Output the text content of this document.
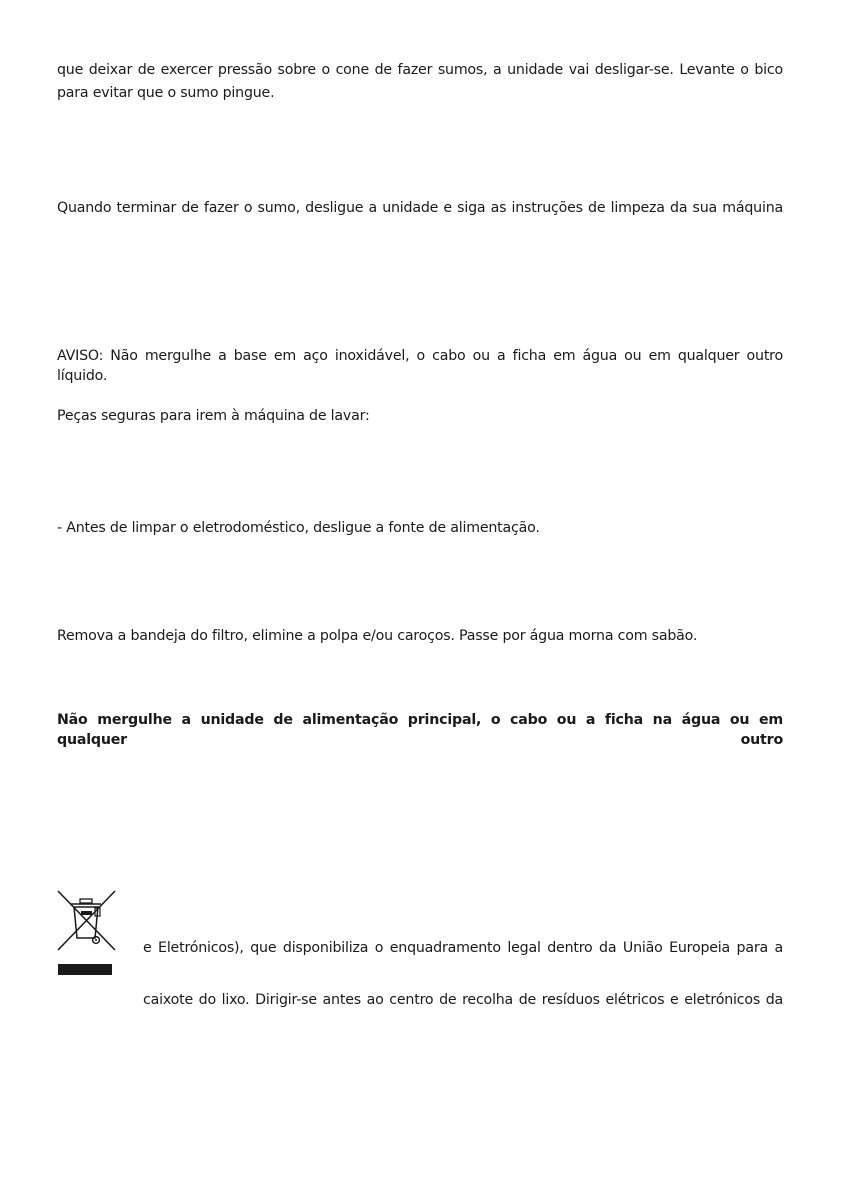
que deixar de exercer pressão sobre o cone de fazer sumos, a unidade vai desligar-se. Levante o bico
para evitar que o sumo pingue.
Quando terminar de fazer o sumo, desligue a unidade e siga as instruções de limpeza da sua máquina
AVISO: Não mergulhe a base em aço inoxidável, o cabo ou a ficha em água ou em qualquer outro líquido.
Peças seguras para irem à máquina de lavar:
- Antes de limpar o eletrodoméstico, desligue a fonte de alimentação.
Remova a bandeja do filtro, elimine a polpa e/ou caroços. Passe por água morna com sabão.
Não mergulhe a unidade de alimentação principal, o cabo ou a ficha na água ou em qualquer outro
e Eletrónicos), que disponibiliza o enquadramento legal dentro da União Europeia para a
caixote do lixo. Dirigir-se antes ao centro de recolha de resíduos elétricos e eletrónicos da
